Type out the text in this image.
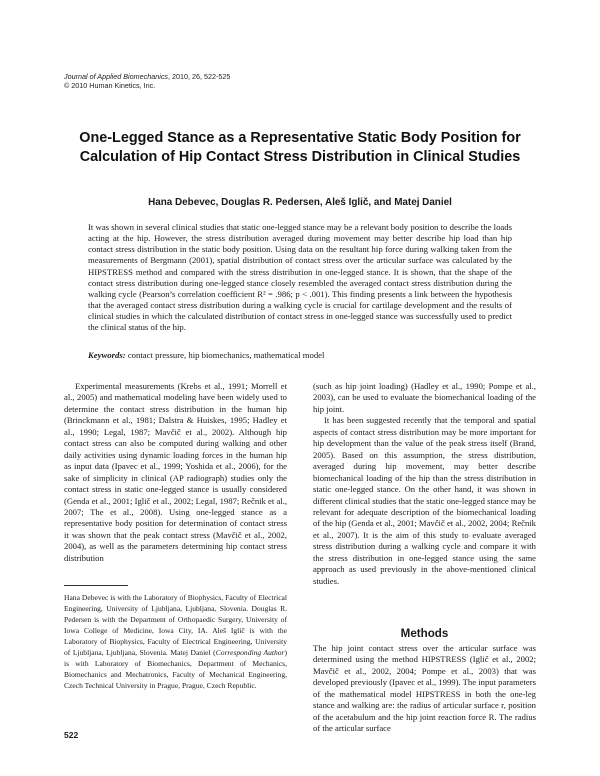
Journal of Applied Biomechanics, 2010, 26, 522-525
© 2010 Human Kinetics, Inc.
One-Legged Stance as a Representative Static Body Position for Calculation of Hip Contact Stress Distribution in Clinical Studies
Hana Debevec, Douglas R. Pedersen, Aleš Iglič, and Matej Daniel

It was shown in several clinical studies that static one-legged stance may be a relevant body position to describe the loads acting at the hip. However, the stress distribution averaged during movement may better describe hip load than hip contact stress distribution in the static body position. Using data on the resultant hip force during walking taken from the measurements of Bergmann (2001), spatial distribution of contact stress over the articular surface was calculated by the HIPSTRESS method and compared with the stress distribution in one-legged stance. It is shown, that the shape of the contact stress distribution during one-legged stance closely resembled the averaged contact stress distribution during the walking cycle (Pearson’s correlation coefficient R² = .986; p < .001). This finding presents a link between the hypothesis that the averaged contact stress distribution during a walking cycle is crucial for cartilage development and the results of clinical studies in which the calculated distribution of contact stress in one-legged stance was successfully used to predict the clinical status of the hip.

Keywords: contact pressure, hip biomechanics, mathematical model

Experimental measurements (Krebs et al., 1991; Morrell et al., 2005) and mathematical modeling have been widely used to determine the contact stress distribution in the human hip (Brinckmann et al., 1981; Dalstra & Huiskes, 1995; Hadley et al., 1990; Legal, 1987; Mavčič et al., 2002). Although hip contact stress can also be computed during walking and other daily activities using dynamic loading forces in the human hip as input data (Ipavec et al., 1999; Yoshida et al., 2006), for the sake of simplicity in clinical (AP radiograph) studies only the contact stress in static one-legged stance is usually considered (Genda et al., 2001; Iglič et al., 2002; Legal, 1987; Rečnik et al., 2007; The et al., 2008). Using one-legged stance as a representative body position for determination of contact stress it was shown that the peak contact stress (Mavčič et al., 2002, 2004), as well as the parameters determining hip contact stress distribution

(such as hip joint loading) (Hadley et al., 1990; Pompe et al., 2003), can be used to evaluate the biomechanical loading of the hip joint.

It has been suggested recently that the temporal and spatial aspects of contact stress distribution may be more important for hip development than the value of the peak stress itself (Brand, 2005). Based on this assumption, the stress distribution, averaged during hip movement, may better describe biomechanical loading of the hip than the stress distribution in static one-legged stance. On the other hand, it was shown in different clinical studies that the static one-legged stance may be relevant for adequate description of the biomechanical loading of the hip (Genda et al., 2001; Mavčič et al., 2002, 2004; Rečnik et al., 2007). It is the aim of this study to evaluate averaged stress distribution during a walking cycle and compare it with the stress distribution in one-legged stance using the same approach as used previously in the above-mentioned clinical studies.

Methods

The hip joint contact stress over the articular surface was determined using the method HIPSTRESS (Iglič et al., 2002; Mavčič et al., 2002, 2004; Pompe et al., 2003) that was developed previously (Ipavec et al., 1999). The input parameters of the mathematical model HIPSTRESS in both the one-leg stance and walking are: the radius of articular surface r, position of the acetabulum and the hip joint reaction force R. The radius of the articular surface

Hana Debevec is with the Laboratory of Biophysics, Faculty of Electrical Engineering, University of Ljubljana, Ljubljana, Slovenia. Douglas R. Pedersen is with the Department of Orthopaedic Surgery, University of Iowa College of Medicine, Iowa City, IA. Aleš Iglič is with the Laboratory of Biophysics, Faculty of Electrical Engineering, University of Ljubljana, Ljubljana, Slovenia. Matej Daniel (Corresponding Author) is with Laboratory of Biomechanics, Department of Mechanics, Biomechanics and Mechatronics, Faculty of Mechanical Engineering, Czech Technical University in Prague, Prague, Czech Republic.
522
